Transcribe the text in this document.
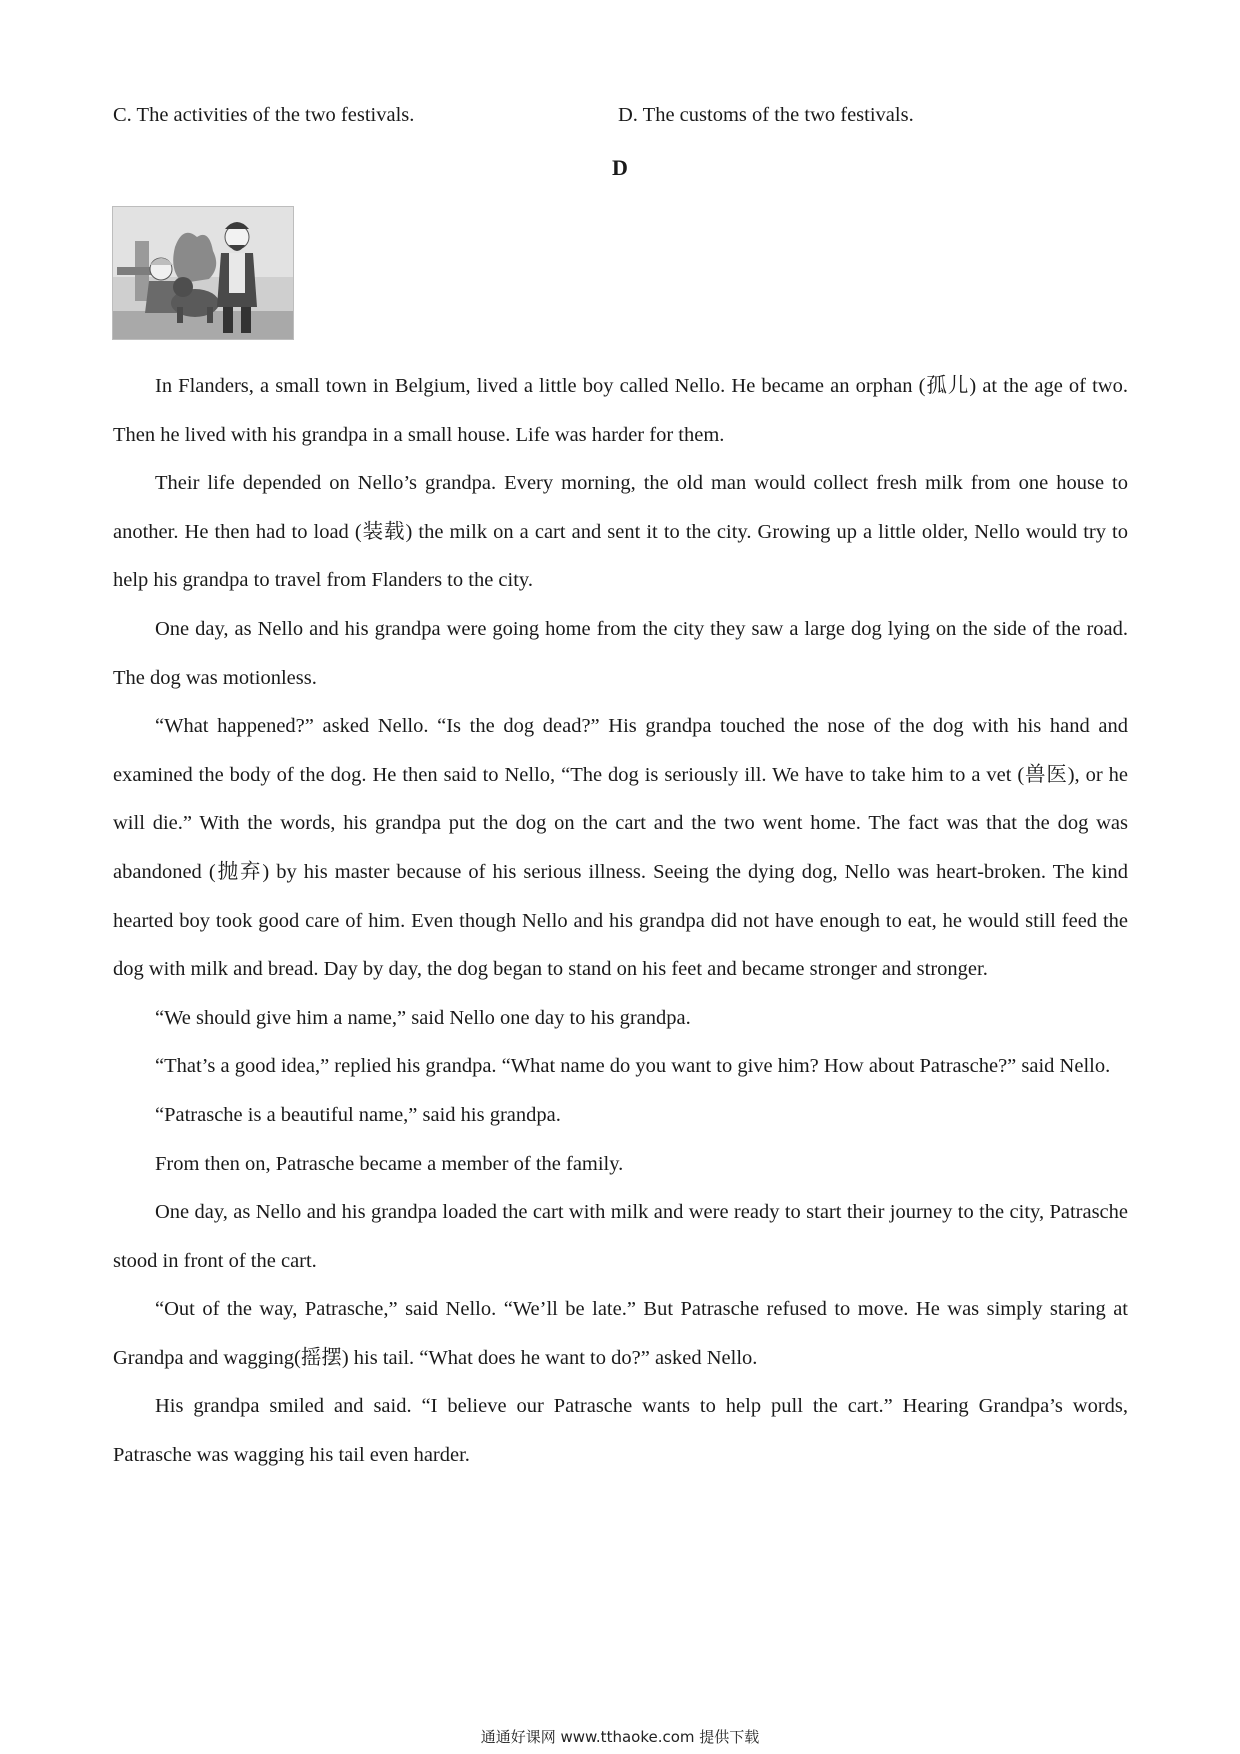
C. The activities of the two festivals.	D. The customs of the two festivals.
D

In Flanders, a small town in Belgium, lived a little boy called Nello. He became an orphan (孤儿) at the age of two. Then he lived with his grandpa in a small house. Life was harder for them.

Their life depended on Nello’s grandpa. Every morning, the old man would collect fresh milk from one house to another. He then had to load (装载) the milk on a cart and sent it to the city. Growing up a little older, Nello would try to help his grandpa to travel from Flanders to the city.

One day, as Nello and his grandpa were going home from the city they saw a large dog lying on the side of the road. The dog was motionless.

“What happened?” asked Nello. “Is the dog dead?” His grandpa touched the nose of the dog with his hand and examined the body of the dog. He then said to Nello, “The dog is seriously ill. We have to take him to a vet (兽医), or he will die.” With the words, his grandpa put the dog on the cart and the two went home. The fact was that the dog was abandoned (抛弃) by his master because of his serious illness. Seeing the dying dog, Nello was heart-broken. The kind hearted boy took good care of him. Even though Nello and his grandpa did not have enough to eat, he would still feed the dog with milk and bread. Day by day, the dog began to stand on his feet and became stronger and stronger.

“We should give him a name,” said Nello one day to his grandpa.

“That’s a good idea,” replied his grandpa. “What name do you want to give him? How about Patrasche?” said Nello.

“Patrasche is a beautiful name,” said his grandpa.

From then on, Patrasche became a member of the family.

One day, as Nello and his grandpa loaded the cart with milk and were ready to start their journey to the city, Patrasche stood in front of the cart.

“Out of the way, Patrasche,” said Nello. “We’ll be late.” But Patrasche refused to move. He was simply staring at Grandpa and wagging(摇摆) his tail. “What does he want to do?” asked Nello.

His grandpa smiled and said. “I believe our Patrasche wants to help pull the cart.” Hearing Grandpa’s words, Patrasche was wagging his tail even harder.

通通好课网 www.tthaoke.com 提供下载
